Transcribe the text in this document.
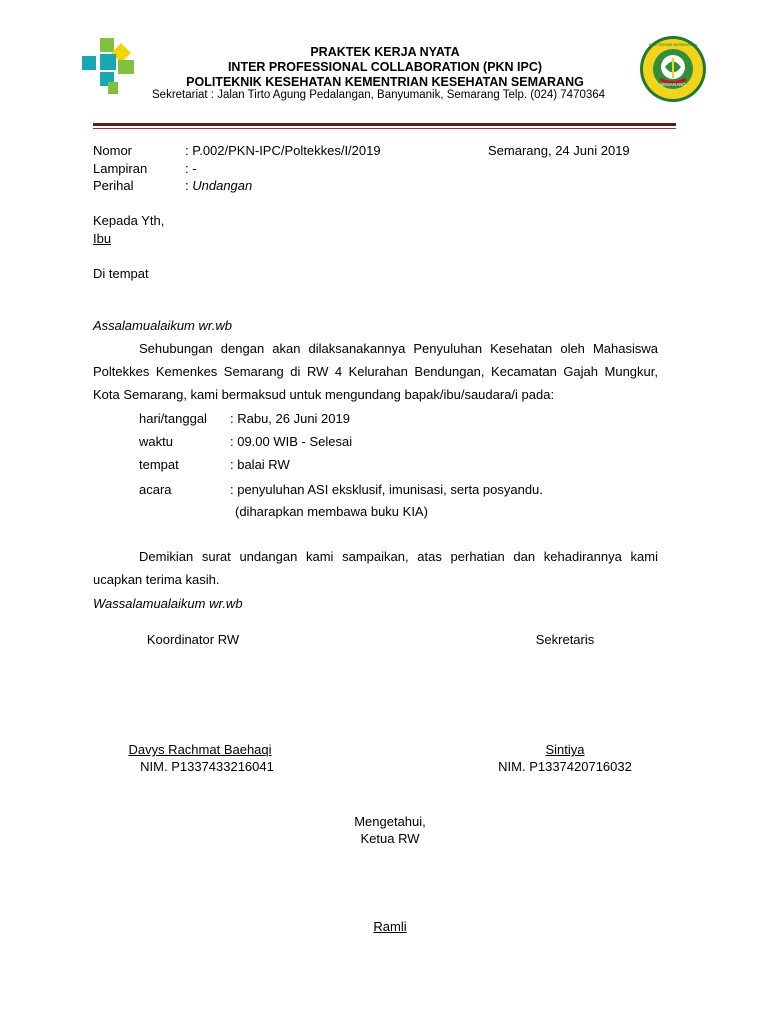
SEMARANG
POLITEKNIK KESEHATAN
PRAKTEK KERJA NYATA
INTER PROFESSIONAL COLLABORATION (PKN IPC)
POLITEKNIK KESEHATAN KEMENTRIAN KESEHATAN SEMARANG
Sekretariat : Jalan Tirto Agung Pedalangan, Banyumanik, Semarang Telp. (024) 7470364
Nomor	: P.002/PKN-IPC/Poltekkes/I/2019	Semarang, 24 Juni 2019
Lampiran	: -
Perihal	: Undangan
Kepada Yth,
Ibu
Di tempat
Assalamualaikum wr.wb
Sehubungan dengan akan dilaksanakannya Penyuluhan Kesehatan oleh Mahasiswa
Poltekkes Kemenkes Semarang di RW 4 Kelurahan Bendungan, Kecamatan Gajah Mungkur,
Kota Semarang, kami bermaksud untuk mengundang bapak/ibu/saudara/i pada:
hari/tanggal : Rabu, 26 Juni 2019
waktu	: 09.00 WIB - Selesai
tempat	: balai RW
acara	: penyuluhan ASI eksklusif, imunisasi, serta posyandu.
(diharapkan membawa buku KIA)
Demikian surat undangan kami sampaikan, atas perhatian dan kehadirannya kami
ucapkan terima kasih.
Wassalamualaikum wr.wb
Koordinator RW	Sekretaris
Davys Rachmat Baehaqi	Sintiya
NIM. P1337433216041	NIM. P1337420716032
Mengetahui,
Ketua RW
Ramli
